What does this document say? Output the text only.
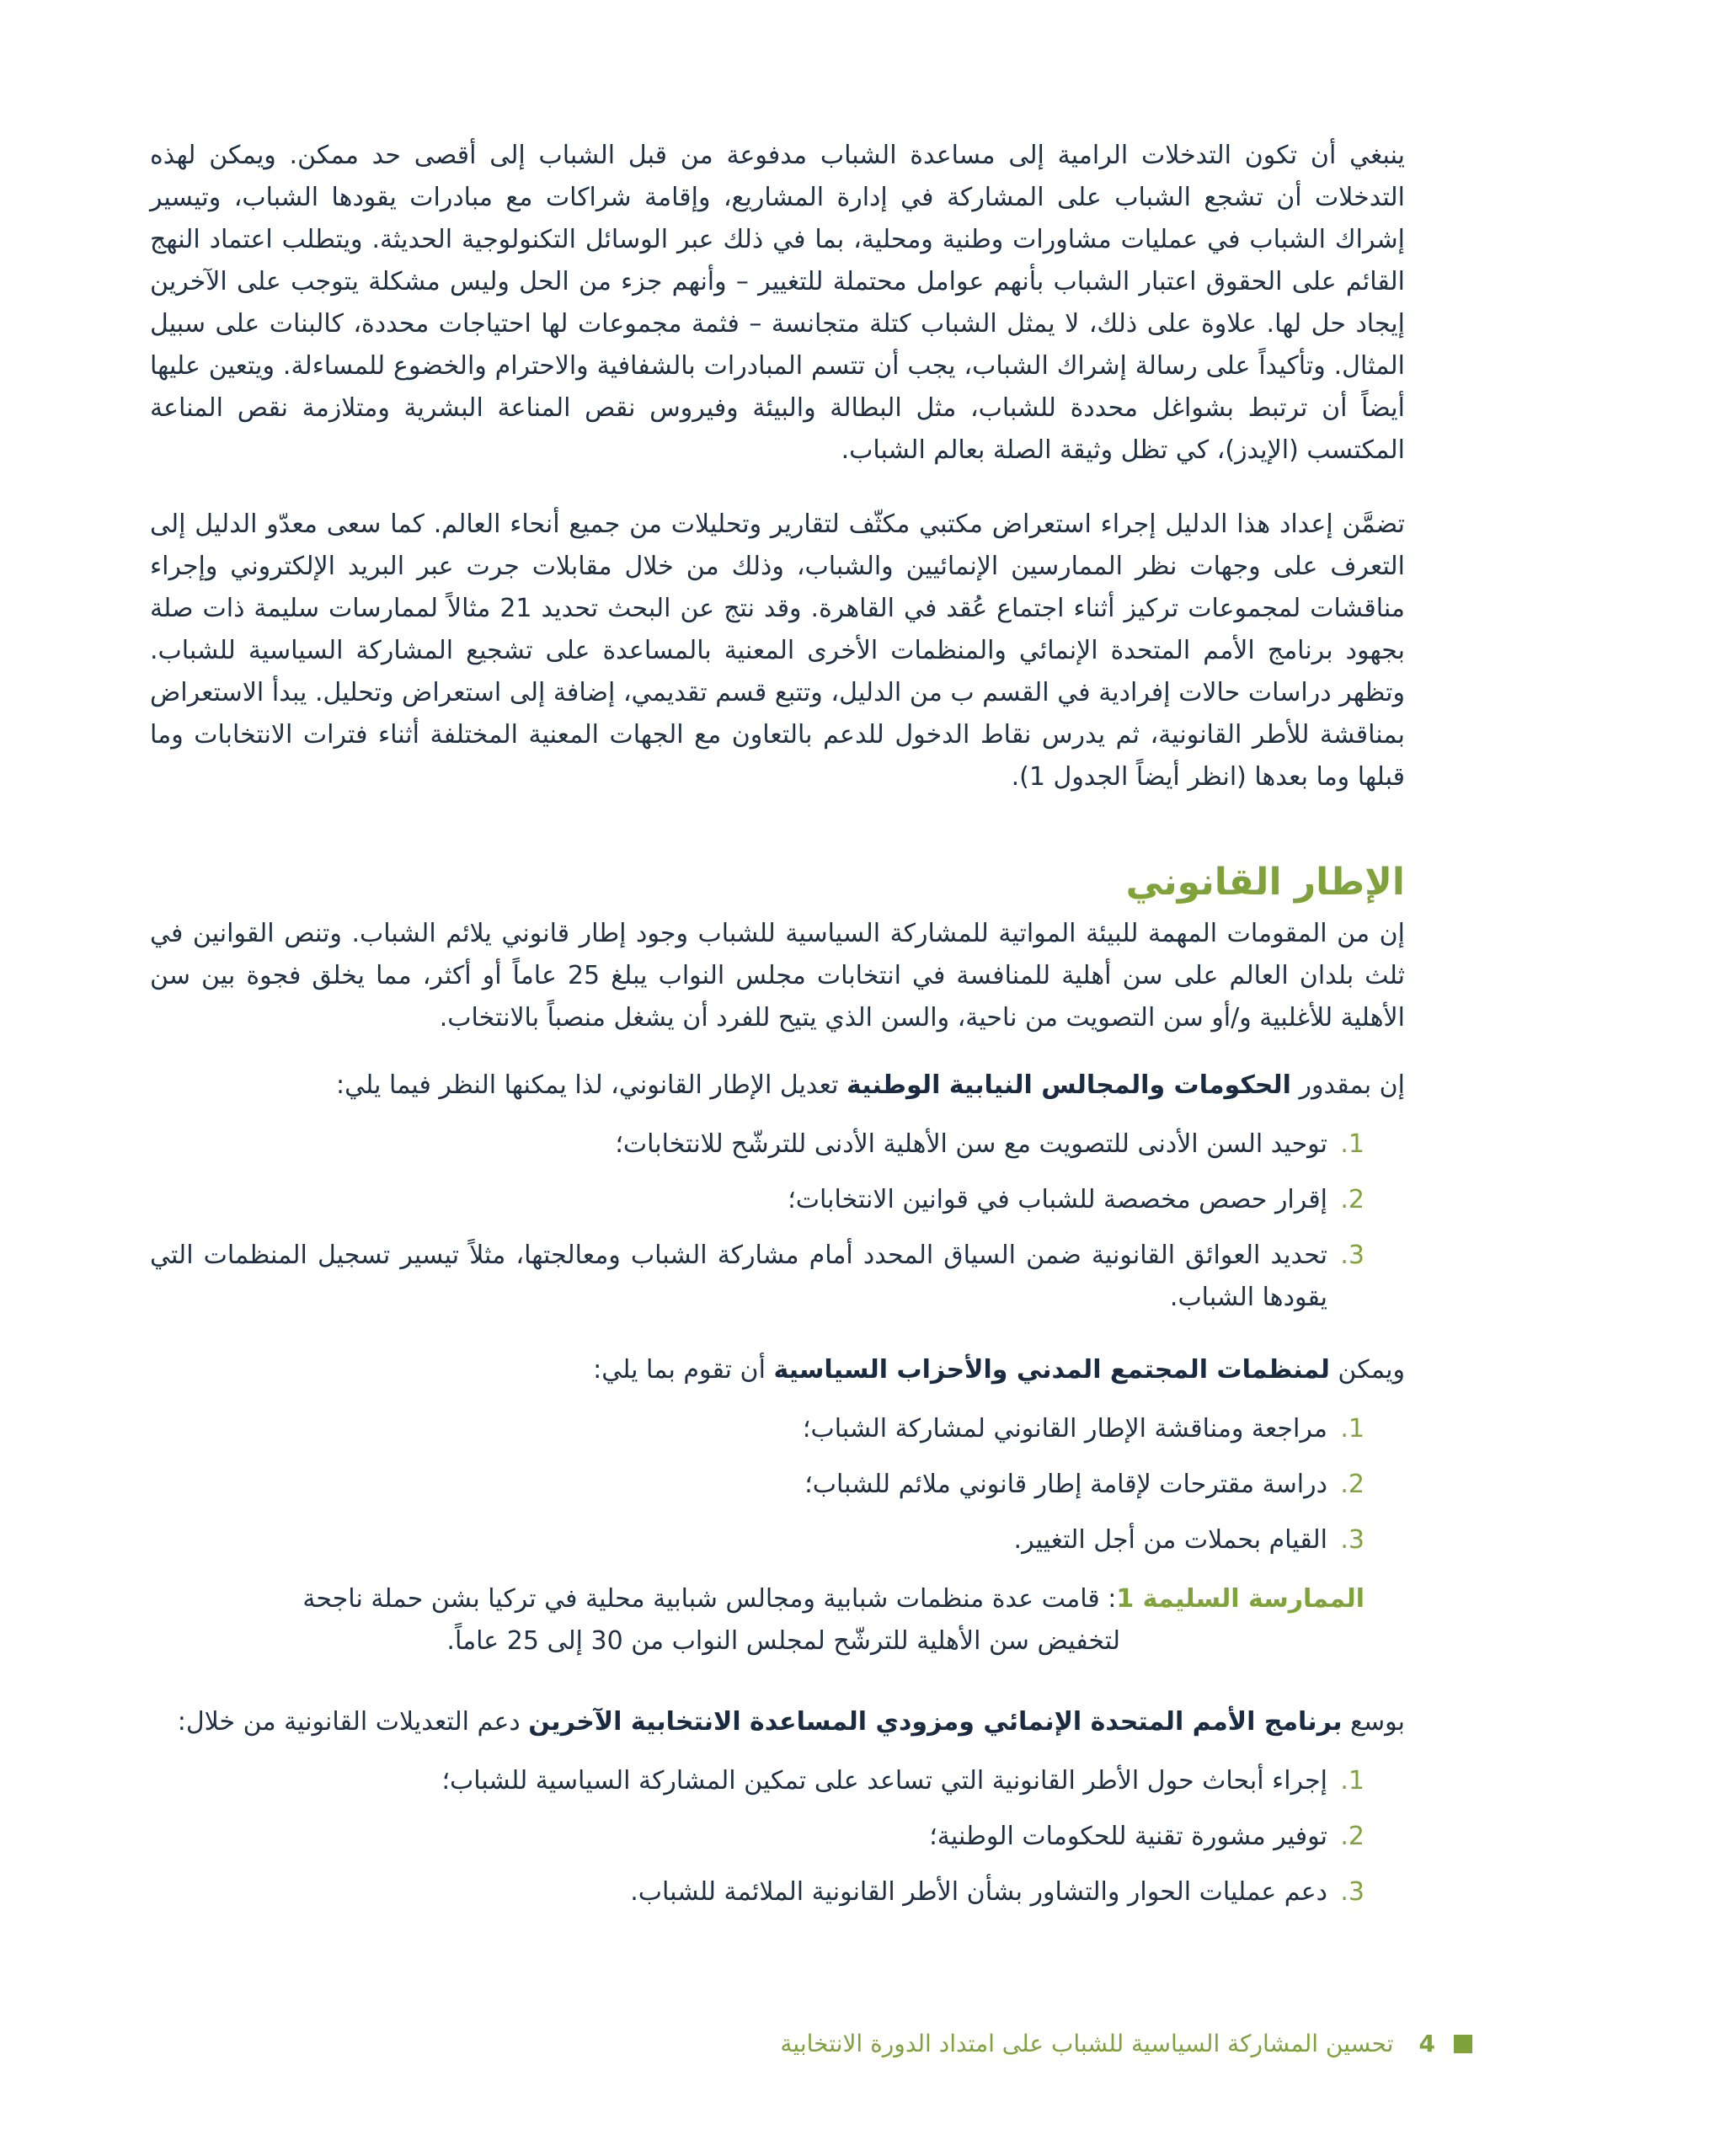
ينبغي أن تكون التدخلات الرامية إلى مساعدة الشباب مدفوعة من قبل الشباب إلى أقصى حد ممكن. ويمكن لهذه التدخلات أن تشجع الشباب على المشاركة في إدارة المشاريع، وإقامة شراكات مع مبادرات يقودها الشباب، وتيسير إشراك الشباب في عمليات مشاورات وطنية ومحلية، بما في ذلك عبر الوسائل التكنولوجية الحديثة. ويتطلب اعتماد النهج القائم على الحقوق اعتبار الشباب بأنهم عوامل محتملة للتغيير – وأنهم جزء من الحل وليس مشكلة يتوجب على الآخرين إيجاد حل لها. علاوة على ذلك، لا يمثل الشباب كتلة متجانسة – فثمة مجموعات لها احتياجات محددة، كالبنات على سبيل المثال. وتأكيداً على رسالة إشراك الشباب، يجب أن تتسم المبادرات بالشفافية والاحترام والخضوع للمساءلة. ويتعين عليها أيضاً أن ترتبط بشواغل محددة للشباب، مثل البطالة والبيئة وفيروس نقص المناعة البشرية ومتلازمة نقص المناعة المكتسب (الإيدز)، كي تظل وثيقة الصلة بعالم الشباب.

تضمَّن إعداد هذا الدليل إجراء استعراض مكتبي مكثّف لتقارير وتحليلات من جميع أنحاء العالم. كما سعى معدّو الدليل إلى التعرف على وجهات نظر الممارسين الإنمائيين والشباب، وذلك من خلال مقابلات جرت عبر البريد الإلكتروني وإجراء مناقشات لمجموعات تركيز أثناء اجتماع عُقد في القاهرة. وقد نتج عن البحث تحديد 21 مثالاً لممارسات سليمة ذات صلة بجهود برنامج الأمم المتحدة الإنمائي والمنظمات الأخرى المعنية بالمساعدة على تشجيع المشاركة السياسية للشباب. وتظهر دراسات حالات إفرادية في القسم ب من الدليل، وتتبع قسم تقديمي، إضافة إلى استعراض وتحليل. يبدأ الاستعراض بمناقشة للأطر القانونية، ثم يدرس نقاط الدخول للدعم بالتعاون مع الجهات المعنية المختلفة أثناء فترات الانتخابات وما قبلها وما بعدها (انظر أيضاً الجدول 1).

الإطار القانوني

إن من المقومات المهمة للبيئة المواتية للمشاركة السياسية للشباب وجود إطار قانوني يلائم الشباب. وتنص القوانين في ثلث بلدان العالم على سن أهلية للمنافسة في انتخابات مجلس النواب يبلغ 25 عاماً أو أكثر، مما يخلق فجوة بين سن الأهلية للأغلبية و/أو سن التصويت من ناحية، والسن الذي يتيح للفرد أن يشغل منصباً بالانتخاب.

إن بمقدور الحكومات والمجالس النيابية الوطنية تعديل الإطار القانوني، لذا يمكنها النظر فيما يلي:

1.
توحيد السن الأدنى للتصويت مع سن الأهلية الأدنى للترشّح للانتخابات؛
2.
إقرار حصص مخصصة للشباب في قوانين الانتخابات؛
3.
تحديد العوائق القانونية ضمن السياق المحدد أمام مشاركة الشباب ومعالجتها، مثلاً تيسير تسجيل المنظمات التي يقودها الشباب.

ويمكن لمنظمات المجتمع المدني والأحزاب السياسية أن تقوم بما يلي:

1.
مراجعة ومناقشة الإطار القانوني لمشاركة الشباب؛
2.
دراسة مقترحات لإقامة إطار قانوني ملائم للشباب؛
3.
القيام بحملات من أجل التغيير.
الممارسة السليمة 1: قامت عدة منظمات شبابية ومجالس شبابية محلية في تركيا بشن حملة ناجحة
لتخفيض سن الأهلية للترشّح لمجلس النواب من 30 إلى 25 عاماً.

بوسع برنامج الأمم المتحدة الإنمائي ومزودي المساعدة الانتخابية الآخرين دعم التعديلات القانونية من خلال:

1.
إجراء أبحاث حول الأطر القانونية التي تساعد على تمكين المشاركة السياسية للشباب؛
2.
توفير مشورة تقنية للحكومات الوطنية؛
3.
دعم عمليات الحوار والتشاور بشأن الأطر القانونية الملائمة للشباب.
4
تحسين المشاركة السياسية للشباب على امتداد الدورة الانتخابية
